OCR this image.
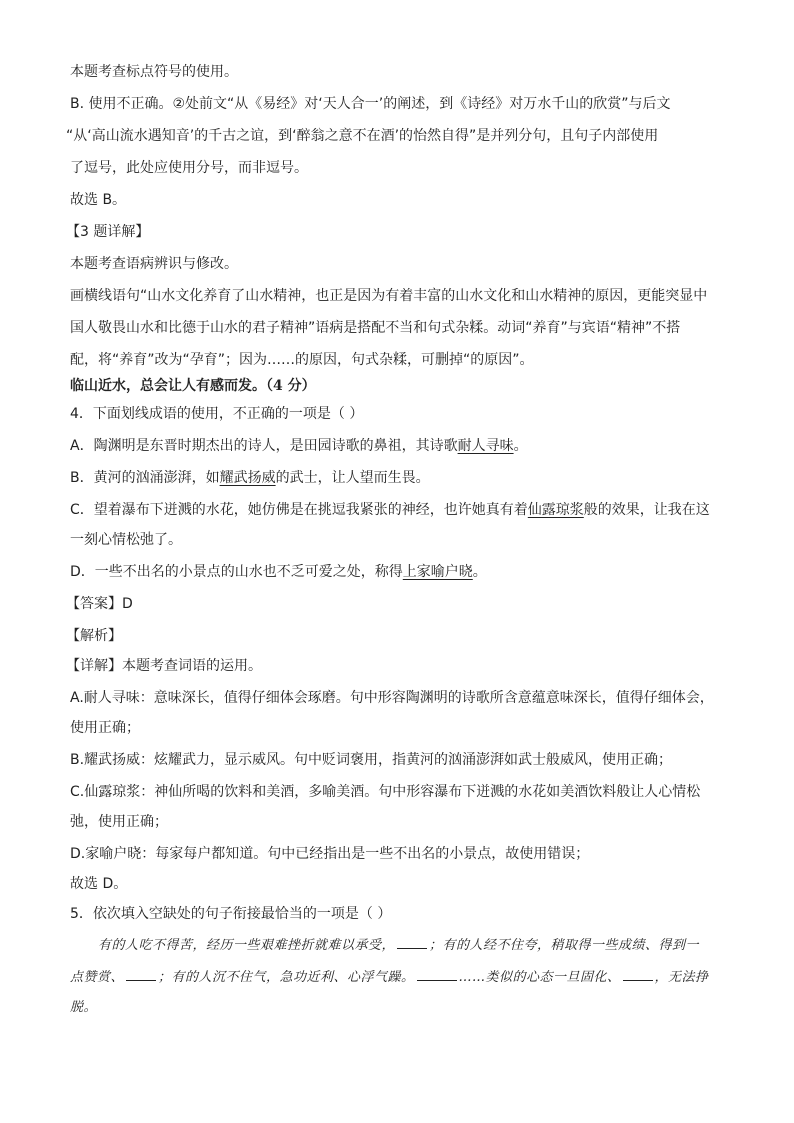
本题考查标点符号的使用。
B. 使用不正确。②处前文“从《易经》对‘天人合一’的阐述，到《诗经》对万水千山的欣赏”与后文
“从‘高山流水遇知音’的千古之谊，到‘醉翁之意不在酒’的怡然自得”是并列分句，且句子内部使用
了逗号，此处应使用分号，而非逗号。
故选 B。
【3 题详解】
本题考查语病辨识与修改。
画横线语句“山水文化养育了山水精神，也正是因为有着丰富的山水文化和山水精神的原因，更能突显中
国人敬畏山水和比德于山水的君子精神”语病是搭配不当和句式杂糅。动词“养育”与宾语“精神”不搭
配，将“养育”改为“孕育”；因为……的原因，句式杂糅，可删掉“的原因”。
临山近水，总会让人有感而发。（4 分）
4．下面划线成语的使用，不正确的一项是（ ）
A．陶渊明是东晋时期杰出的诗人，是田园诗歌的鼻祖，其诗歌耐人寻味。
B．黄河的汹涌澎湃，如耀武扬威的武士，让人望而生畏。
C．望着瀑布下迸溅的水花，她仿佛是在挑逗我紧张的神经，也许她真有着仙露琼浆般的效果，让我在这
一刻心情松弛了。
D．一些不出名的小景点的山水也不乏可爱之处，称得上家喻户晓。
【答案】D
【解析】
【详解】本题考查词语的运用。
A.耐人寻味：意味深长，值得仔细体会琢磨。句中形容陶渊明的诗歌所含意蕴意味深长，值得仔细体会，
使用正确；
B.耀武扬威：炫耀武力，显示威风。句中贬词褒用，指黄河的汹涌澎湃如武士般威风，使用正确；
C.仙露琼浆：神仙所喝的饮料和美酒，多喻美酒。句中形容瀑布下迸溅的水花如美酒饮料般让人心情松
弛，使用正确；
D.家喻户晓：每家每户都知道。句中已经指出是一些不出名的小景点，故使用错误；
故选 D。
5．依次填入空缺处的句子衔接最恰当的一项是（ ）
有的人吃不得苦，经历一些艰难挫折就难以承受，	；有的人经不住夸，稍取得一些成绩、得到一
点赞赏、	；有的人沉不住气，急功近利、心浮气躁。	……类似的心态一旦固化、	，无法挣
脱。
